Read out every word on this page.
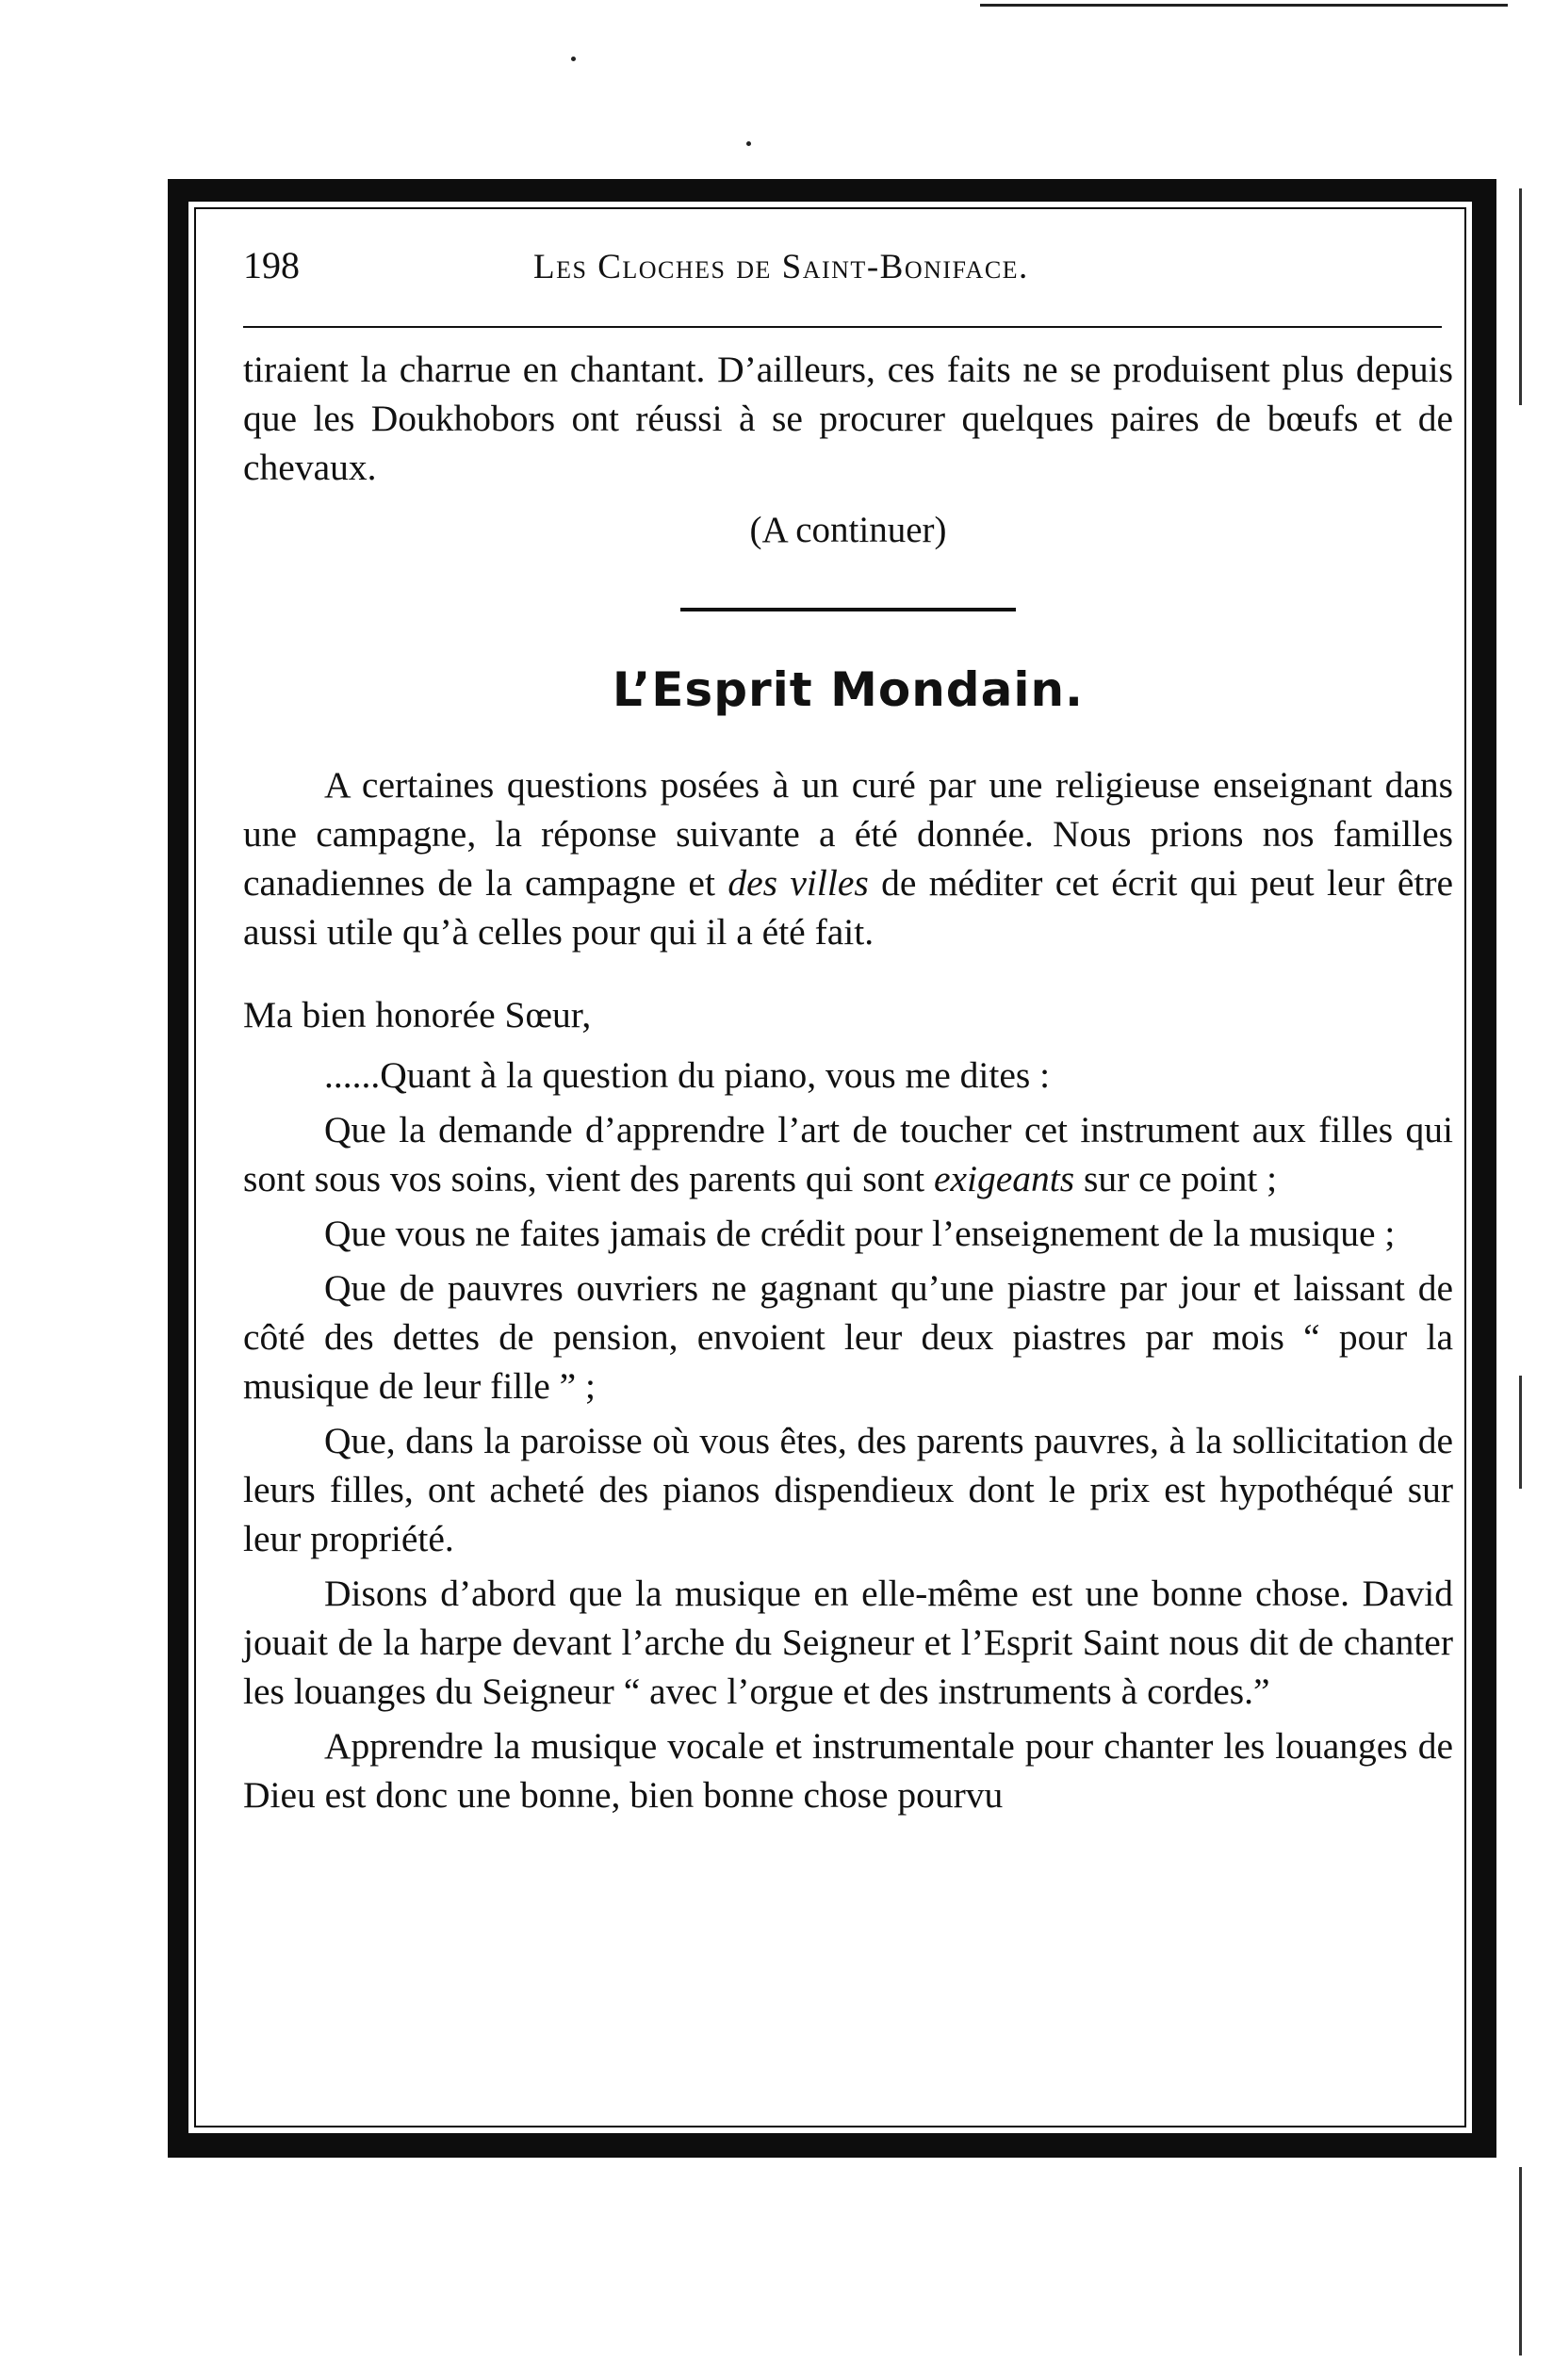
198	Les Cloches de Saint-Boniface.

tiraient la charrue en chantant. D’ailleurs, ces faits ne se produisent plus depuis que les Doukhobors ont réussi à se procurer quelques paires de bœufs et de chevaux.

(A continuer)

L’Esprit Mondain.

A certaines questions posées à un curé par une religieuse enseignant dans une campagne, la réponse suivante a été donnée. Nous prions nos familles canadiennes de la campagne et des villes de méditer cet écrit qui peut leur être aussi utile qu’à celles pour qui il a été fait.

Ma bien honorée Sœur,

......Quant à la question du piano, vous me dites :

Que la demande d’apprendre l’art de toucher cet instrument aux filles qui sont sous vos soins, vient des parents qui sont exigeants sur ce point ;

Que vous ne faites jamais de crédit pour l’enseignement de la musique ;

Que de pauvres ouvriers ne gagnant qu’une piastre par jour et laissant de côté des dettes de pension, envoient leur deux piastres par mois “ pour la musique de leur fille ” ;

Que, dans la paroisse où vous êtes, des parents pauvres, à la sollicitation de leurs filles, ont acheté des pianos dispendieux dont le prix est hypothéqué sur leur propriété.

Disons d’abord que la musique en elle-même est une bonne chose. David jouait de la harpe devant l’arche du Seigneur et l’Esprit Saint nous dit de chanter les louanges du Seigneur “ avec l’orgue et des instruments à cordes.”

Apprendre la musique vocale et instrumentale pour chanter les louanges de Dieu est donc une bonne, bien bonne chose pourvu
